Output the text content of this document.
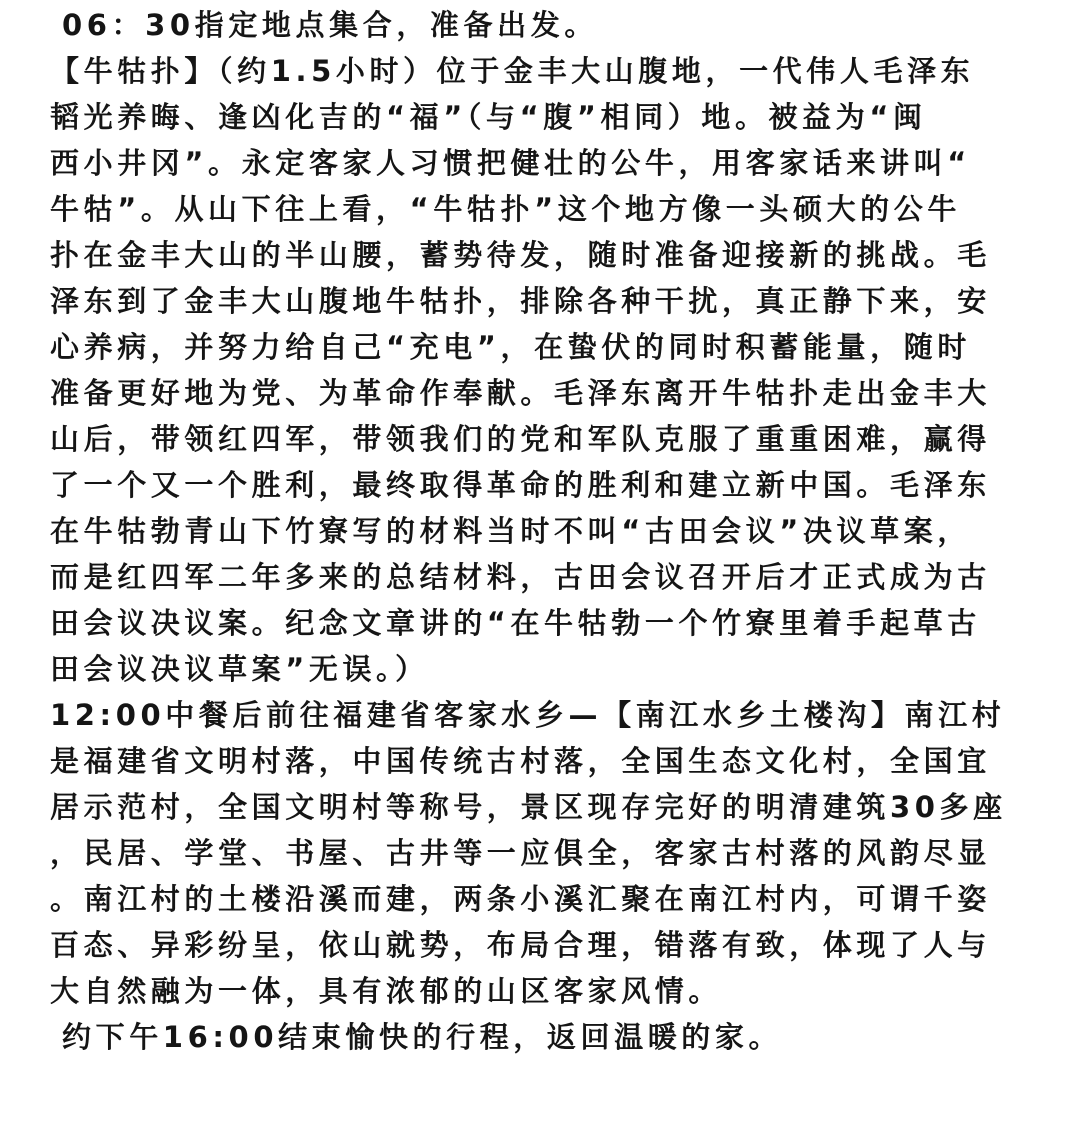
06：30指定地点集合，准备出发。
【牛牯扑】（约1.5小时）位于金丰大山腹地，一代伟人毛泽东
韬光养晦、逢凶化吉的“福”（与“腹”相同）地。被益为“闽
西小井冈”。永定客家人习惯把健壮的公牛，用客家话来讲叫“
牛牯”。从山下往上看，“牛牯扑”这个地方像一头硕大的公牛
扑在金丰大山的半山腰，蓄势待发，随时准备迎接新的挑战。毛
泽东到了金丰大山腹地牛牯扑，排除各种干扰，真正静下来，安
心养病，并努力给自己“充电”，在蛰伏的同时积蓄能量，随时
准备更好地为党、为革命作奉献。毛泽东离开牛牯扑走出金丰大
山后，带领红四军，带领我们的党和军队克服了重重困难，赢得
了一个又一个胜利，最终取得革命的胜利和建立新中国。毛泽东
在牛牯勃青山下竹寮写的材料当时不叫“古田会议”决议草案，
而是红四军二年多来的总结材料，古田会议召开后才正式成为古
田会议决议案。纪念文章讲的“在牛牯勃一个竹寮里着手起草古
田会议决议草案”无误。）
12:00中餐后前往福建省客家水乡—【南江水乡土楼沟】南江村
是福建省文明村落，中国传统古村落，全国生态文化村，全国宜
居示范村，全国文明村等称号，景区现存完好的明清建筑30多座
，民居、学堂、书屋、古井等一应俱全，客家古村落的风韵尽显
。南江村的土楼沿溪而建，两条小溪汇聚在南江村内，可谓千姿
百态、异彩纷呈，依山就势，布局合理，错落有致，体现了人与
大自然融为一体，具有浓郁的山区客家风情。
约下午16:00结束愉快的行程，返回温暖的家。
